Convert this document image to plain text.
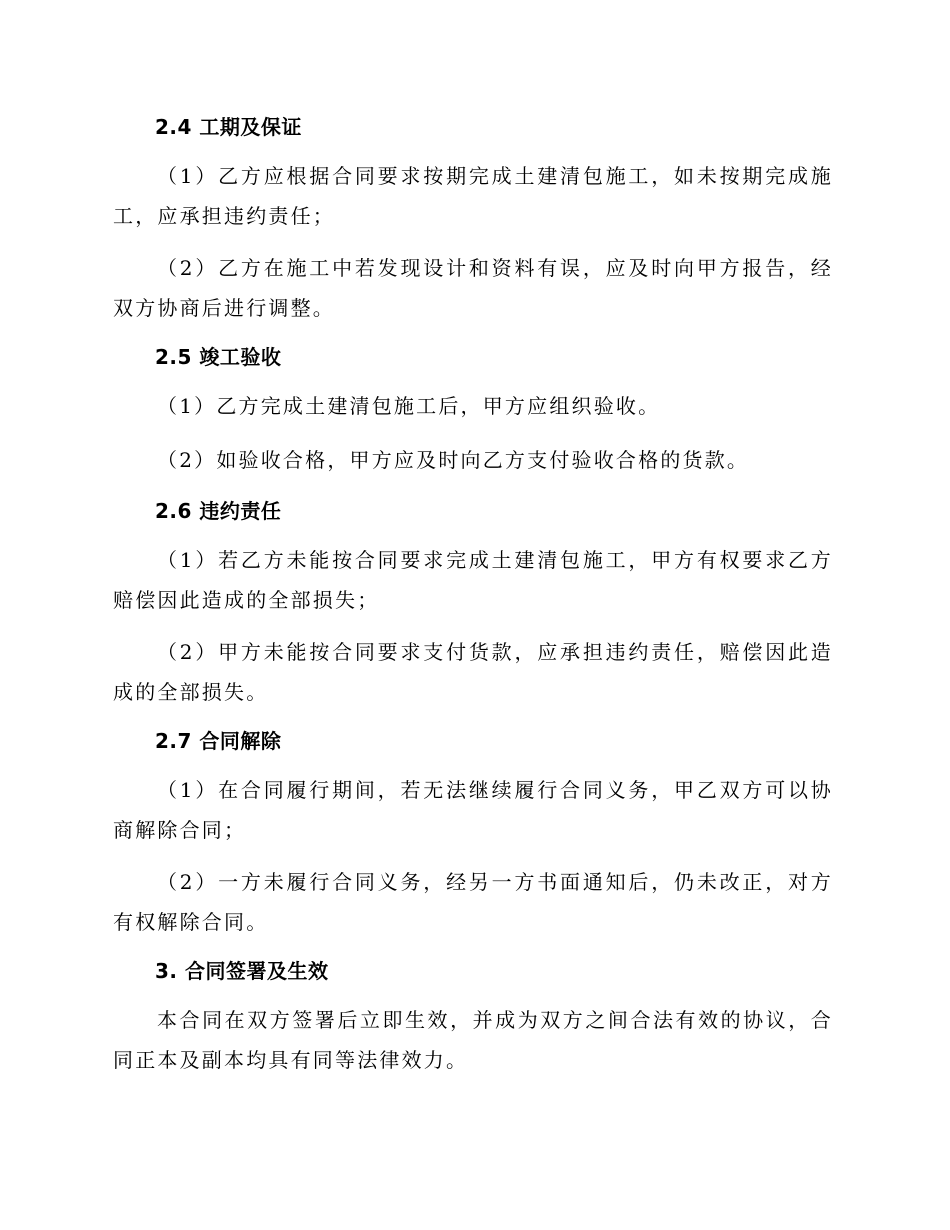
2.4 工期及保证

（1）乙方应根据合同要求按期完成土建清包施工，如未按期完成施工，应承担违约责任；

（2）乙方在施工中若发现设计和资料有误，应及时向甲方报告，经双方协商后进行调整。

2.5 竣工验收

（1）乙方完成土建清包施工后，甲方应组织验收。

（2）如验收合格，甲方应及时向乙方支付验收合格的货款。

2.6 违约责任

（1）若乙方未能按合同要求完成土建清包施工，甲方有权要求乙方赔偿因此造成的全部损失；

（2）甲方未能按合同要求支付货款，应承担违约责任，赔偿因此造成的全部损失。

2.7 合同解除

（1）在合同履行期间，若无法继续履行合同义务，甲乙双方可以协商解除合同；

（2）一方未履行合同义务，经另一方书面通知后，仍未改正，对方有权解除合同。

3. 合同签署及生效

本合同在双方签署后立即生效，并成为双方之间合法有效的协议，合同正本及副本均具有同等法律效力。
